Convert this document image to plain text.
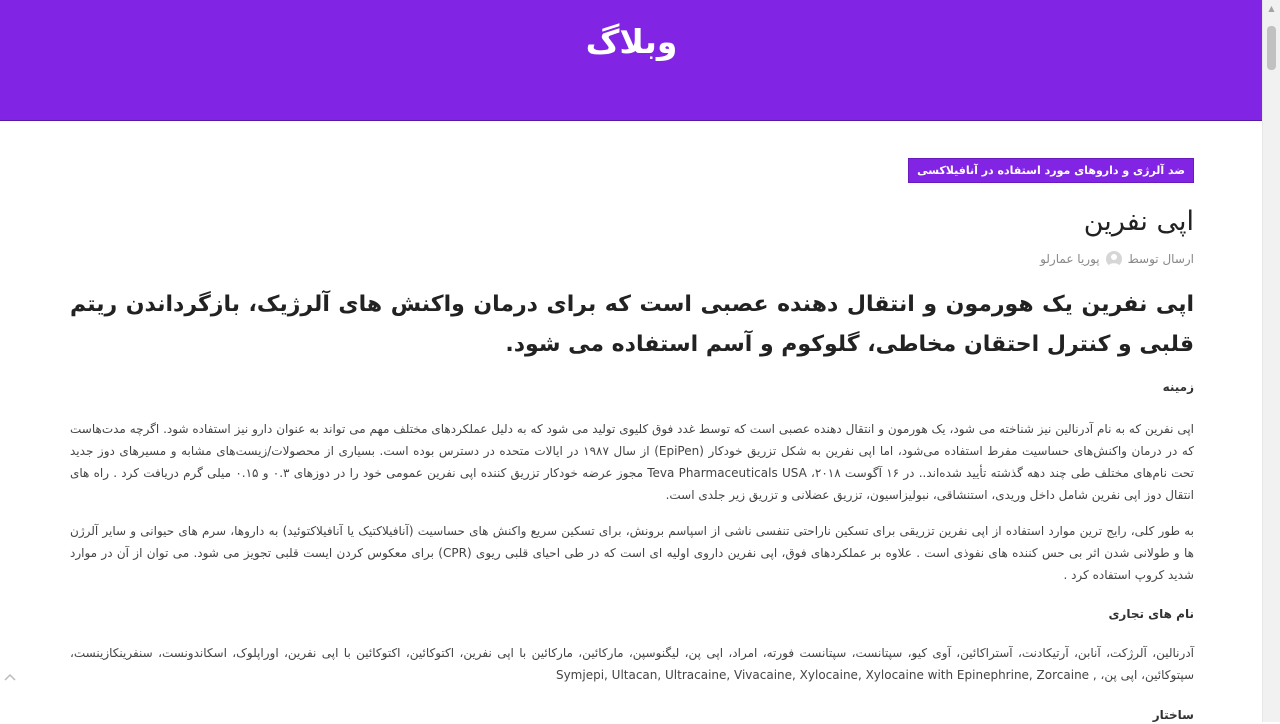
وبلاگ
▲
ضد آلرژی و داروهای مورد استفاده در آنافیلاکسی
اپی نفرین
ارسال توسط
پوریا عمارلو

اپی نفرین یک هورمون و انتقال دهنده عصبی است که برای درمان واکنش های آلرژیک، بازگرداندن ریتم قلبی و کنترل احتقان مخاطی، گلوکوم و آسم استفاده می شود.

زمینه

اپی نفرین که به نام آدرنالین نیز شناخته می شود، یک هورمون و انتقال دهنده عصبی است که توسط غدد فوق کلیوی تولید می شود که به دلیل عملکردهای مختلف مهم می تواند به عنوان دارو نیز استفاده شود. اگرچه مدت‌هاست که در درمان واکنش‌های حساسیت مفرط استفاده می‌شود، اما اپی نفرین به شکل تزریق خودکار (EpiPen) از سال ۱۹۸۷ در ایالات متحده در دسترس بوده است. بسیاری از محصولات/زیست‌های مشابه و مسیرهای دوز جدید تحت نام‌های مختلف طی چند دهه گذشته تأیید شده‌اند.. در ۱۶ آگوست ۲۰۱۸، Teva Pharmaceuticals USA مجوز عرضه خودکار تزریق کننده اپی نفرین عمومی خود را در دوزهای ۰.۳ و ۰.۱۵ میلی گرم دریافت کرد . راه های انتقال دوز اپی نفرین شامل داخل وریدی، استنشاقی، نبولیزاسیون، تزریق عضلانی و تزریق زیر جلدی است.

به طور کلی، رایج ترین موارد استفاده از اپی نفرین تزریقی برای تسکین ناراحتی تنفسی ناشی از اسپاسم برونش، برای تسکین سریع واکنش های حساسیت (آنافیلاکتیک یا آنافیلاکتوئید) به داروها، سرم های حیوانی و سایر آلرژن ها و طولانی شدن اثر بی حس کننده های نفوذی است . علاوه بر عملکردهای فوق، اپی نفرین داروی اولیه ای است که در طی احیای قلبی ریوی (CPR) برای معکوس کردن ایست قلبی تجویز می شود. می توان از آن در موارد شدید کروپ استفاده کرد .

نام های تجاری

آدرنالین، آلرژکت، آنابن، آرتیکادنت، آستراکائین، آوی کیو، سپتانست، سپتانست فورته، امراد، اپی پن، لیگنوسپن، مارکائین، مارکائین با اپی نفرین، اکتوکائین، اکتوکائین با اپی نفرین، اوراپلوک، اسکاندونست، سنفرینکازینست، سپتوکائین، اپی پن، , Symjepi, Ultacan, Ultracaine, Vivacaine, Xylocaine, Xylocaine with Epinephrine, Zorcaine

ساختار
